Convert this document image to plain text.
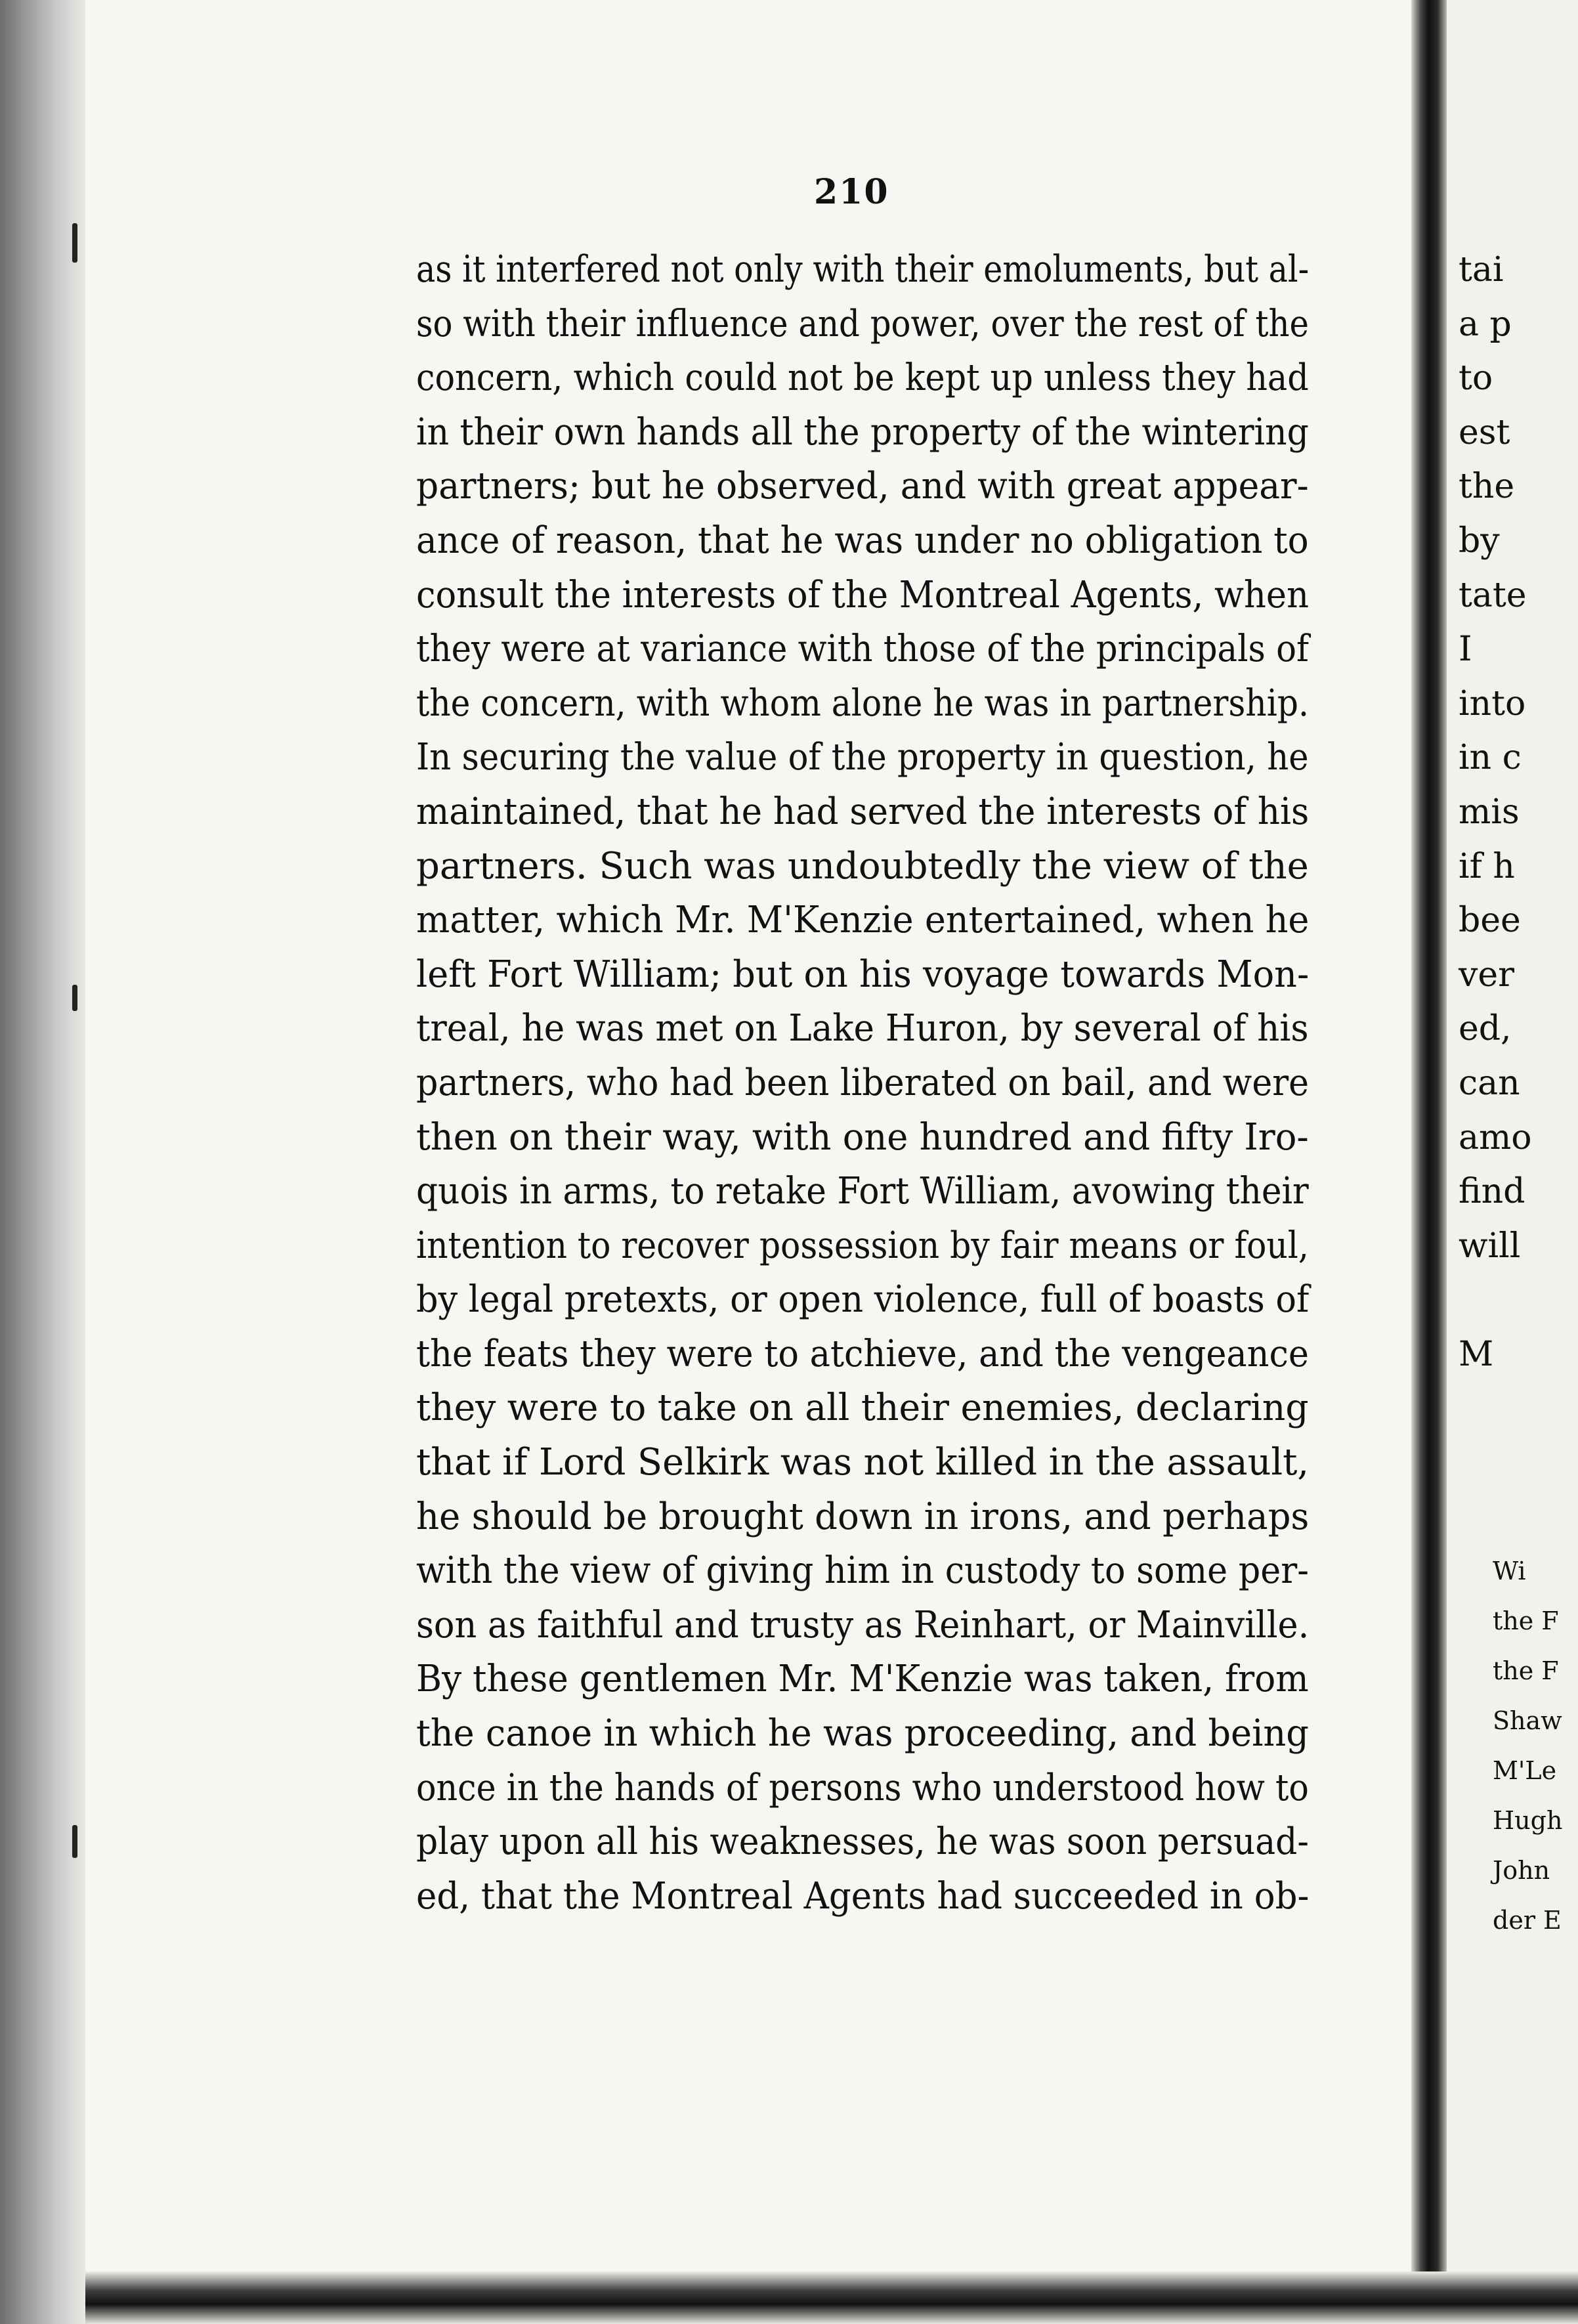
210
as it interfered not only with their emoluments, but al-
so with their influence and power, over the rest of the
concern, which could not be kept up unless they had
in their own hands all the property of the wintering
partners; but he observed, and with great appear-
ance of reason, that he was under no obligation to
consult the interests of the Montreal Agents, when
they were at variance with those of the principals of
the concern, with whom alone he was in partnership.
In securing the value of the property in question, he
maintained, that he had served the interests of his
partners. Such was undoubtedly the view of the
matter, which Mr. M'Kenzie entertained, when he
left Fort William; but on his voyage towards Mon-
treal, he was met on Lake Huron, by several of his
partners, who had been liberated on bail, and were
then on their way, with one hundred and fifty Iro-
quois in arms, to retake Fort William, avowing their
intention to recover possession by fair means or foul,
by legal pretexts, or open violence, full of boasts of
the feats they were to atchieve, and the vengeance
they were to take on all their enemies, declaring
that if Lord Selkirk was not killed in the assault,
he should be brought down in irons, and perhaps
with the view of giving him in custody to some per-
son as faithful and trusty as Reinhart, or Mainville.
By these gentlemen Mr. M'Kenzie was taken, from
the canoe in which he was proceeding, and being
once in the hands of persons who understood how to
play upon all his weaknesses, he was soon persuad-
ed, that the Montreal Agents had succeeded in ob-
tai
a p
to
est
the
by
tate
I
into
in c
mis
if h
bee
ver
ed,
can
amo
find
will
M
Wi
the F
the F
Shaw
M'Le
Hugh
John
der E
